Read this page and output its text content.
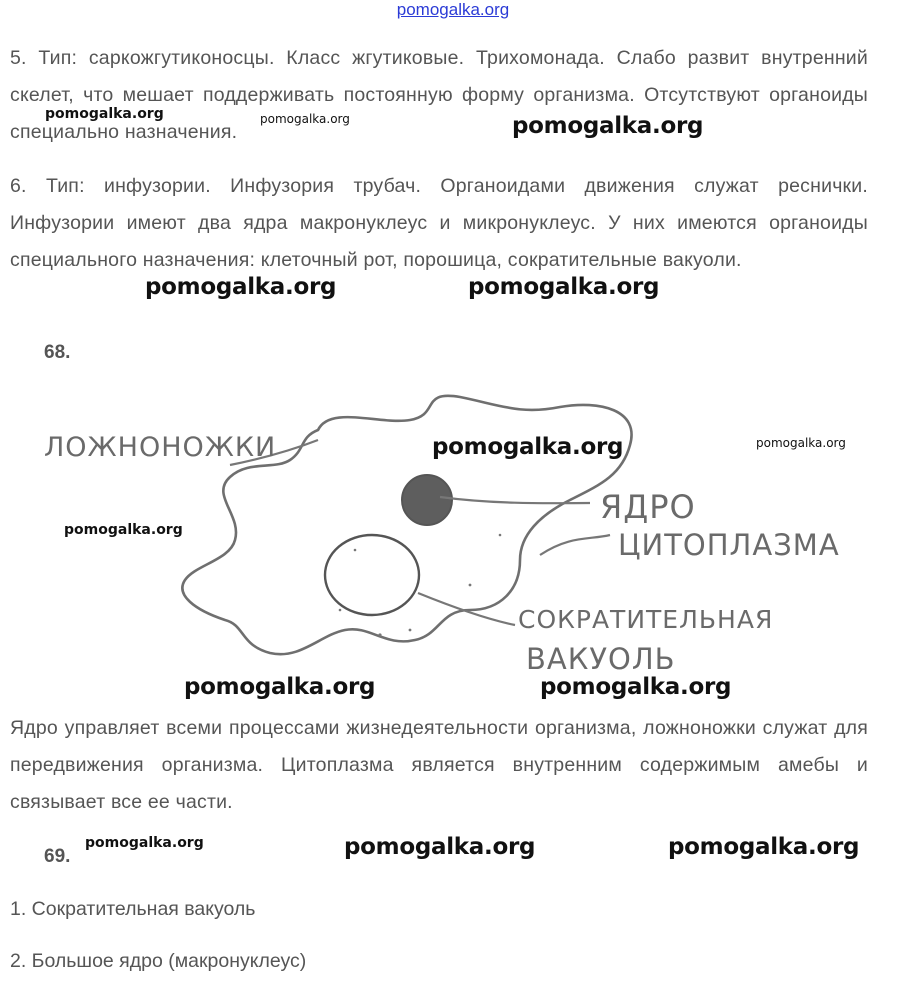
pomogalka.org

5. Тип: саркожгутиконосцы. Класс жгутиковые. Трихомонада. Слабо развит внутренний скелет, что мешает поддерживать постоянную форму организма. Отсутствуют органоиды специально назначения.

6. Тип: инфузории. Инфузория трубач. Органоидами движения служат реснички. Инфузории имеют два ядра макронуклеус и микронуклеус. У них имеются органоиды специального назначения: клеточный рот, порошица, сократительные вакуоли.

68.
ЛОЖНОНОЖКИ
ЯДРО
ЦИТОПЛАЗМА
СОКРАТИТЕЛЬНАЯ
ВАКУОЛЬ

Ядро управляет всеми процессами жизнедеятельности организма, ложноножки служат для передвижения организма. Цитоплазма является внутренним содержимым амебы и связывает все ее части.

69.
1. Сократительная вакуоль
2. Большое ядро (макронуклеус)
pomogalka.org	pomogalka.org	pomogalka.org
pomogalka.org	pomogalka.org
pomogalka.org	pomogalka.org
pomogalka.org
pomogalka.org	pomogalka.org
pomogalka.org	pomogalka.org	pomogalka.org
